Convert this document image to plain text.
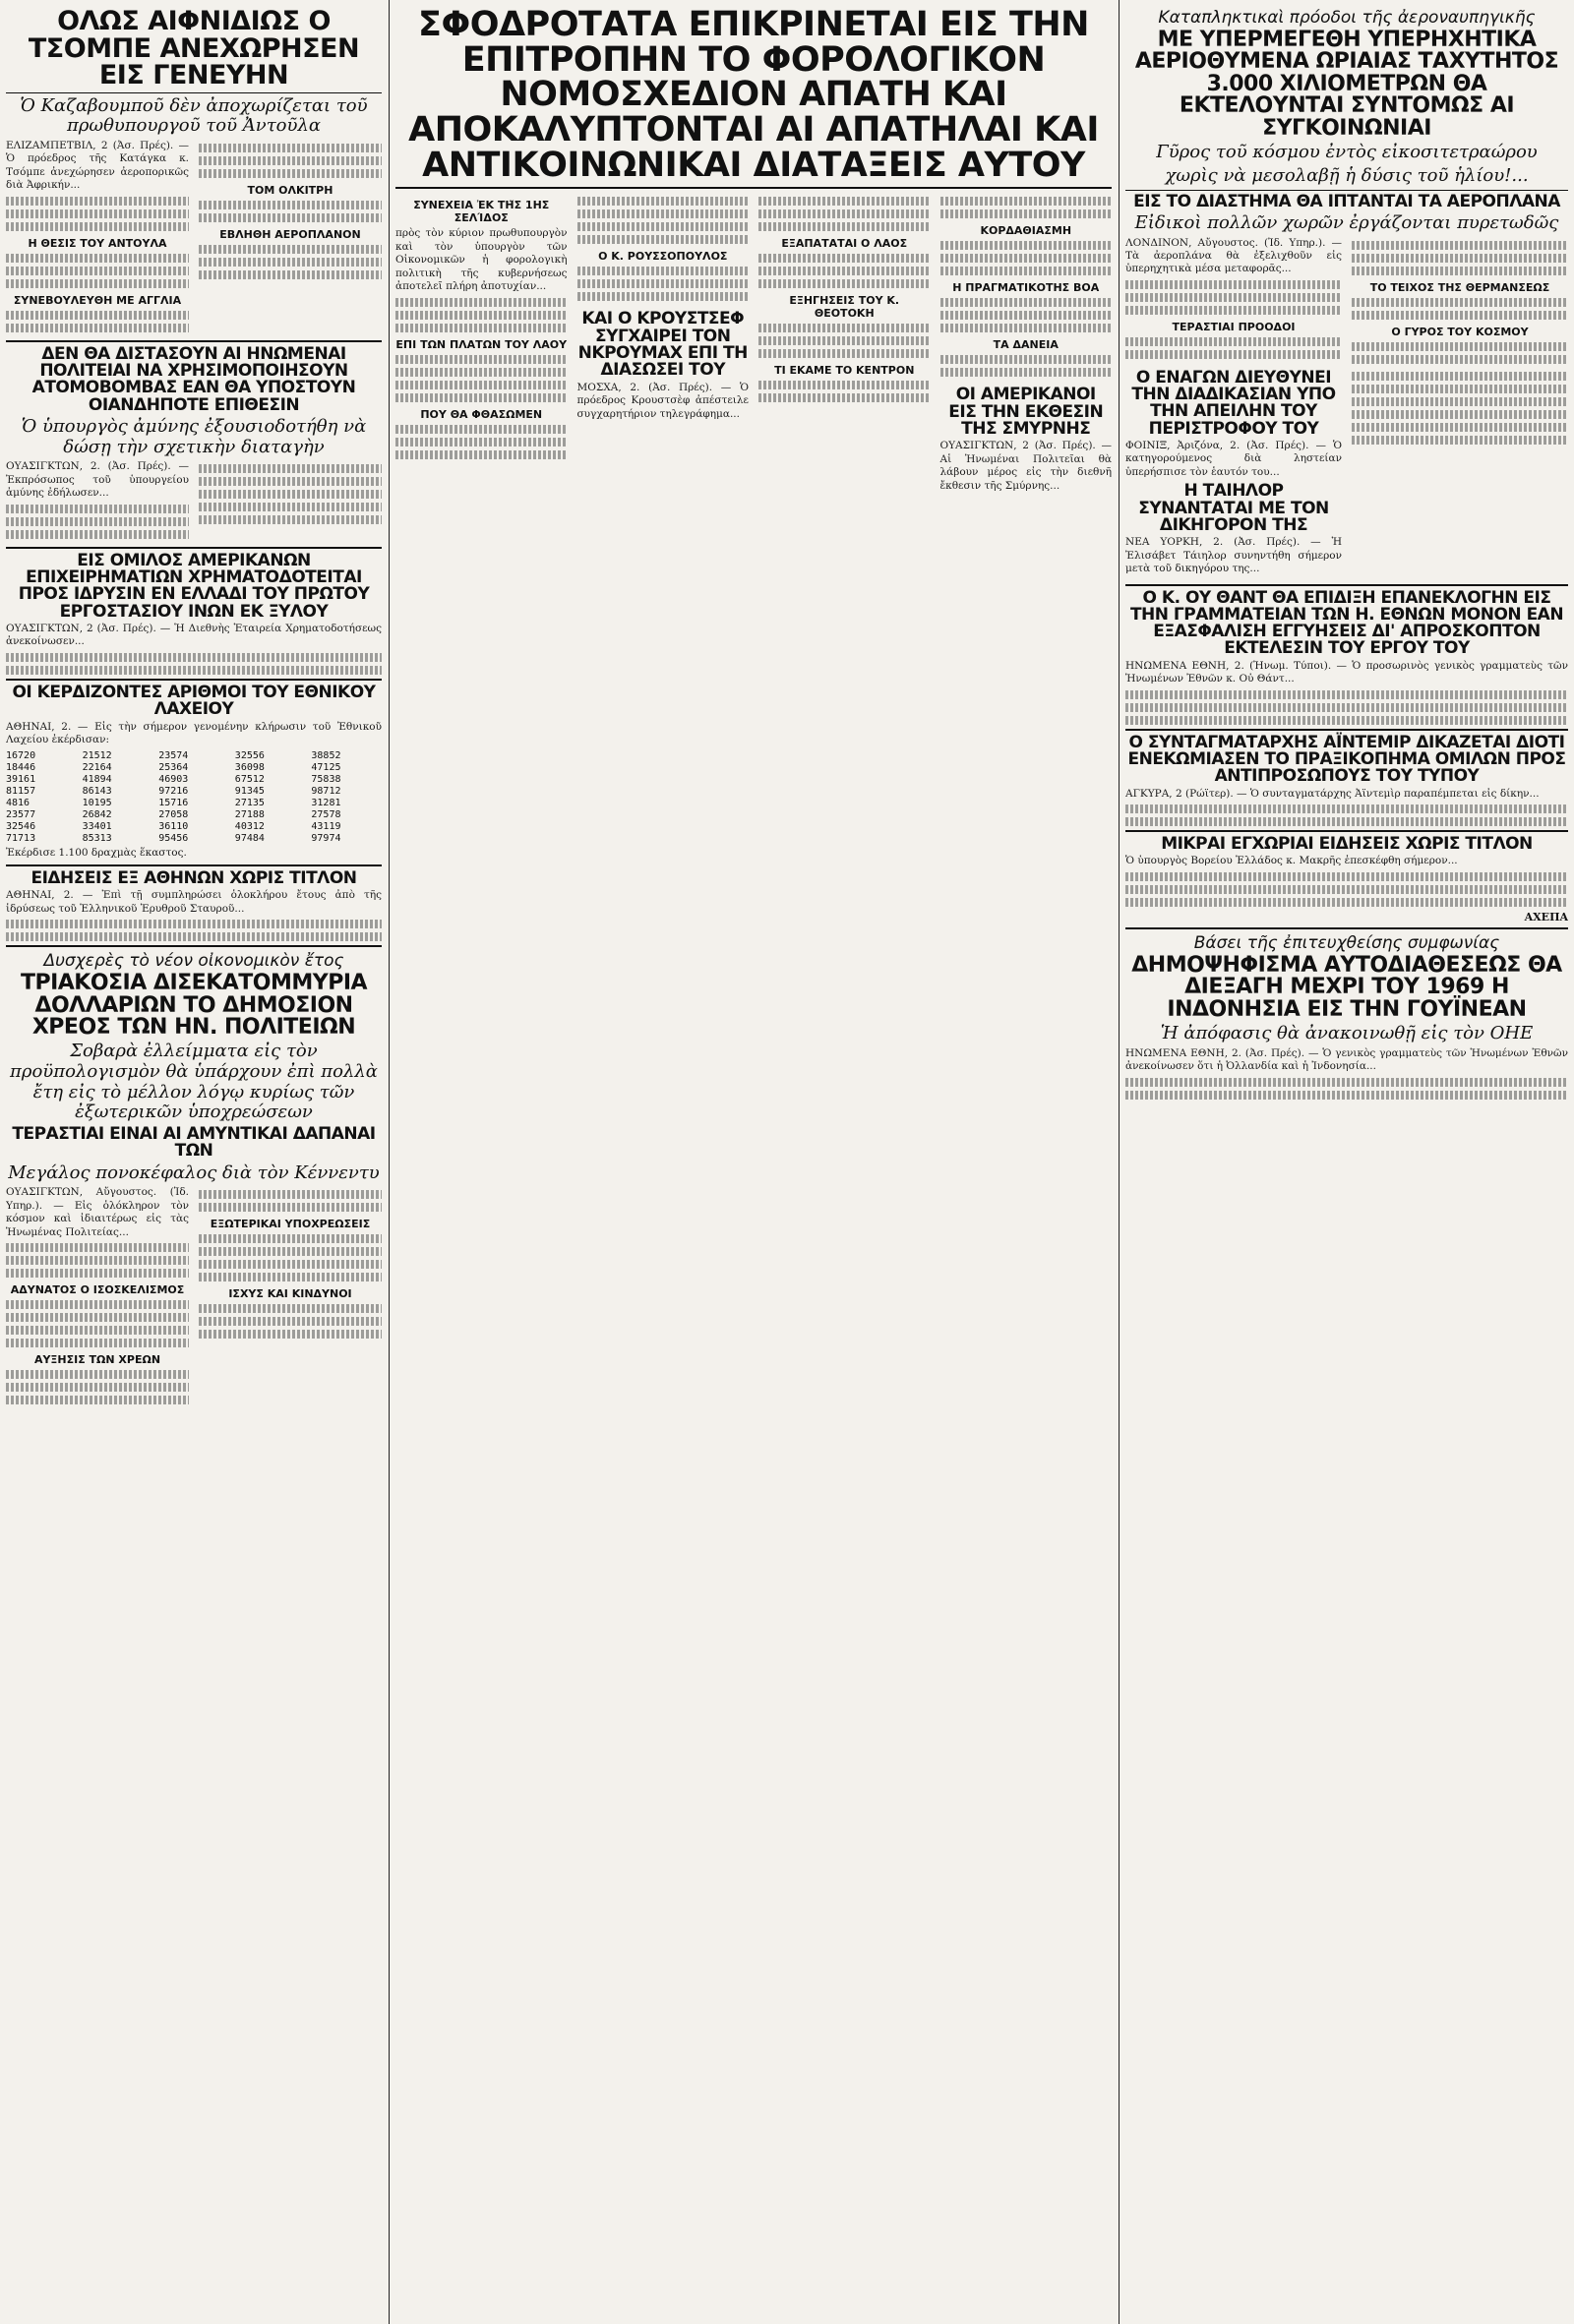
ΟΛΩΣ ΑΙΦΝΙΔΙΩΣ Ο ΤΣΟΜΠΕ ΑΝΕΧΩΡΗΣΕΝ ΕΙΣ ΓΕΝΕΥΗΝ
Ὁ Καζαβουμποῦ δὲν ἀποχωρίζεται τοῦ πρωθυπουργοῦ τοῦ Ἀντοῦλα

ΕΛΙΖΑΜΠΕΤΒΙΛ, 2 (Ἀσ. Πρές). — Ὁ πρόεδρος τῆς Κατάγκα κ. Τσόμπε ἀνεχώρησεν ἀεροπορικῶς διὰ Ἀφρικήν...

Η ΘΕΣΙΣ ΤΟΥ ΑΝΤΟΥΛΑ
ΣΥΝΕΒΟΥΛΕΥΘΗ ΜΕ ΑΓΓΛΙΑ
ΤΟΜ ΟΛΚΙΤΡΗ
ΕΒΛΗΘΗ ΑΕΡΟΠΛΑΝΟΝ
ΔΕΝ ΘΑ ΔΙΣΤΑΣΟΥΝ ΑΙ ΗΝΩΜΕΝΑΙ ΠΟΛΙΤΕΙΑΙ ΝΑ ΧΡΗΣΙΜΟΠΟΙΗΣΟΥΝ ΑΤΟΜΟΒΟΜΒΑΣ ΕΑΝ ΘΑ ΥΠΟΣΤΟΥΝ ΟΙΑΝΔΗΠΟΤΕ ΕΠΙΘΕΣΙΝ
Ὁ ὑπουργὸς ἀμύνης ἐξουσιοδοτήθη νὰ δώσῃ τὴν σχετικὴν διαταγὴν

ΟΥΑΣΙΓΚΤΩΝ, 2. (Ἀσ. Πρές). — Ἐκπρόσωπος τοῦ ὑπουργείου ἀμύνης ἐδήλωσεν...

ΕΙΣ ΟΜΙΛΟΣ ΑΜΕΡΙΚΑΝΩΝ ΕΠΙΧΕΙΡΗΜΑΤΙΩΝ ΧΡΗΜΑΤΟΔΟΤΕΙΤΑΙ ΠΡΟΣ ΙΔΡΥΣΙΝ ΕΝ ΕΛΛΑΔΙ ΤΟΥ ΠΡΩΤΟΥ ΕΡΓΟΣΤΑΣΙΟΥ ΙΝΩΝ ΕΚ ΞΥΛΟΥ

ΟΥΑΣΙΓΚΤΩΝ, 2 (Ἀσ. Πρές). — Ἡ Διεθνὴς Ἑταιρεία Χρηματοδοτήσεως ἀνεκοίνωσεν...

ΟΙ ΚΕΡΔΙΖΟΝΤΕΣ ΑΡΙΘΜΟΙ ΤΟΥ ΕΘΝΙΚΟΥ ΛΑΧΕΙΟΥ

ΑΘΗΝΑΙ, 2. — Εἰς τὴν σήμερον γενομένην κλήρωσιν τοῦ Ἐθνικοῦ Λαχείου ἐκέρδισαν:

16720	21512	23574	32556	38852
18446	22164	25364	36098	47125
39161	41894	46903	67512	75838
81157	86143	97216	91345	98712
4816	10195	15716	27135	31281
23577	26842	27058	27188	27578
32546	33401	36110	40312	43119
71713	85313	95456	97484	97974

Ἐκέρδισε 1.100 δραχμὰς ἕκαστος.

ΕΙΔΗΣΕΙΣ ΕΞ ΑΘΗΝΩΝ ΧΩΡΙΣ ΤΙΤΛΟΝ

ΑΘΗΝΑΙ, 2. — Ἐπὶ τῇ συμπληρώσει ὁλοκλήρου ἔτους ἀπὸ τῆς ἱδρύσεως τοῦ Ἑλληνικοῦ Ἐρυθροῦ Σταυροῦ...

Δυσχερὲς τὸ νέον οἰκονομικὸν ἔτος
ΤΡΙΑΚΟΣΙΑ ΔΙΣΕΚΑΤΟΜΜΥΡΙΑ ΔΟΛΛΑΡΙΩΝ ΤΟ ΔΗΜΟΣΙΟΝ ΧΡΕΟΣ ΤΩΝ ΗΝ. ΠΟΛΙΤΕΙΩΝ
Σοβαρὰ ἐλλείμματα εἰς τὸν προϋπολογισμὸν θὰ ὑπάρχουν ἐπὶ πολλὰ ἔτη εἰς τὸ μέλλον λόγῳ κυρίως τῶν ἐξωτερικῶν ὑποχρεώσεων
ΤΕΡΑΣΤΙΑΙ ΕΙΝΑΙ ΑΙ ΑΜΥΝΤΙΚΑΙ ΔΑΠΑΝΑΙ ΤΩΝ
Μεγάλος πονοκέφαλος διὰ τὸν Κέννεντυ

ΟΥΑΣΙΓΚΤΩΝ, Αὔγουστος. (Ἰδ. Υπηρ.). — Εἰς ὁλόκληρον τὸν κόσμον καὶ ἰδιαιτέρως εἰς τὰς Ἡνωμένας Πολιτείας...

ΑΔΥΝΑΤΟΣ Ο ΙΣΟΣΚΕΛΙΣΜΟΣ
ΑΥΞΗΣΙΣ ΤΩΝ ΧΡΕΩΝ
ΕΞΩΤΕΡΙΚΑΙ ΥΠΟΧΡΕΩΣΕΙΣ
ΙΣΧΥΣ ΚΑΙ ΚΙΝΔΥΝΟΙ
ΣΦΟΔΡΟΤΑΤΑ ΕΠΙΚΡΙΝΕΤΑΙ ΕΙΣ ΤΗΝ ΕΠΙΤΡΟΠΗΝ ΤΟ ΦΟΡΟΛΟΓΙΚΟΝ ΝΟΜΟΣΧΕΔΙΟΝ ΑΠΑΤΗ ΚΑΙ ΑΠΟΚΑΛΥΠΤΟΝΤΑΙ ΑΙ ΑΠΑΤΗΛΑΙ ΚΑΙ ΑΝΤΙΚΟΙΝΩΝΙΚΑΙ ΔΙΑΤΑΞΕΙΣ ΑΥΤΟΥ
ΣΥΝΕΧΕΙΑ ἘΚ ΤΗ͂Σ 1ΗΣ ΣΕΛΊΔΟΣ

πρὸς τὸν κύριον πρωθυπουργὸν καὶ τὸν ὑπουργὸν τῶν Οἰκονομικῶν ἡ φορολογικὴ πολιτικὴ τῆς κυβερνήσεως ἀποτελεῖ πλήρη ἀποτυχίαν...

ΕΠΙ ΤΩΝ ΠΛΑΤΩΝ ΤΟΥ ΛΑΟΥ
ΠΟΥ ΘΑ ΦΘΑΣΩΜΕΝ
Ο Κ. ΡΟΥΣΣΟΠΟΥΛΟΣ
ΚΑΙ Ο ΚΡΟΥΣΤΣΕΦ ΣΥΓΧΑΙΡΕΙ ΤΟΝ ΝΚΡΟΥΜΑΧ ΕΠΙ ΤΗ ΔΙΑΣΩΣΕΙ ΤΟΥ

ΜΟΣΧΑ, 2. (Ἀσ. Πρές). — Ὁ πρόεδρος Κρουστσὲφ ἀπέστειλε συγχαρητήριον τηλεγράφημα...

ΕΞΑΠΑΤΑΤΑΙ Ο ΛΑΟΣ
ΕΞΗΓΗΣΕΙΣ ΤΟΥ Κ. ΘΕΟΤΟΚΗ
ΤΙ ΕΚΑΜΕ ΤΟ ΚΕΝΤΡΟΝ
ΚΟΡΔΑΘΙΑΣΜΗ
Η ΠΡΑΓΜΑΤΙΚΟΤΗΣ ΒΟΑ
ΤΑ ΔΑΝΕΙΑ
ΟΙ ΑΜΕΡΙΚΑΝΟΙ ΕΙΣ ΤΗΝ ΕΚΘΕΣΙΝ ΤΗΣ ΣΜΥΡΝΗΣ

ΟΥΑΣΙΓΚΤΩΝ, 2 (Ἀσ. Πρές). — Αἱ Ἡνωμέναι Πολιτεῖαι θὰ λάβουν μέρος εἰς τὴν διεθνῆ ἔκθεσιν τῆς Σμύρνης...

Καταπληκτικαὶ πρόοδοι τῆς ἀεροναυπηγικῆς
ΜΕ ΥΠΕΡΜΕΓΕΘΗ ΥΠΕΡΗΧΗΤΙΚΑ ΑΕΡΙΟΘΥΜΕΝΑ ΩΡΙΑΙΑΣ ΤΑΧΥΤΗΤΟΣ 3.000 ΧΙΛΙΟΜΕΤΡΩΝ ΘΑ ΕΚΤΕΛΟΥΝΤΑΙ ΣΥΝΤΟΜΩΣ ΑΙ ΣΥΓΚΟΙΝΩΝΙΑΙ
Γῦρος τοῦ κόσμου ἐντὸς εἰκοσιτετραώρου
χωρὶς νὰ μεσολαβῇ ἡ δύσις τοῦ ἡλίου!...
ΕΙΣ ΤΟ ΔΙΑΣΤΗΜΑ ΘΑ ΙΠΤΑΝΤΑΙ ΤΑ ΑΕΡΟΠΛΑΝΑ
Εἰδικοὶ πολλῶν χωρῶν ἐργάζονται πυρετωδῶς

ΛΟΝΔΙΝΟΝ, Αὔγουστος. (Ἰδ. Υπηρ.). — Τὰ ἀεροπλάνα θὰ ἐξελιχθοῦν εἰς ὑπερηχητικὰ μέσα μεταφορᾶς...

ΤΕΡΑΣΤΙΑΙ ΠΡΟΟΔΟΙ
ΤΟ ΤΕΙΧΟΣ ΤΗΣ ΘΕΡΜΑΝΣΕΩΣ
Ο ΓΥΡΟΣ ΤΟΥ ΚΟΣΜΟΥ
Ο ΕΝΑΓΩΝ ΔΙΕΥΘΥΝΕΙ ΤΗΝ ΔΙΑΔΙΚΑΣΙΑΝ ΥΠΟ ΤΗΝ ΑΠΕΙΛΗΝ ΤΟΥ ΠΕΡΙΣΤΡΟΦΟΥ ΤΟΥ

ΦΟΙΝΙΞ, Ἀριζόνα, 2. (Ἀσ. Πρές). — Ὁ κατηγορούμενος διὰ ληστείαν ὑπερήσπισε τὸν ἑαυτόν του...

Η ΤΑΙΗΛΟΡ ΣΥΝΑΝΤΑΤΑΙ ΜΕ ΤΟΝ ΔΙΚΗΓΟΡΟΝ ΤΗΣ

ΝΕΑ ΥΟΡΚΗ, 2. (Ἀσ. Πρές). — Ἡ Ἐλισάβετ Τάιηλορ συνηντήθη σήμερον μετὰ τοῦ δικηγόρου της...

Ο Κ. ΟΥ ΘΑΝΤ ΘΑ ΕΠΙΔΙΞΗ ΕΠΑΝΕΚΛΟΓΗΝ ΕΙΣ ΤΗΝ ΓΡΑΜΜΑΤΕΙΑΝ ΤΩΝ Η. ΕΘΝΩΝ ΜΟΝΟΝ ΕΑΝ ΕΞΑΣΦΑΛΙΣΗ ΕΓΓΥΗΣΕΙΣ ΔΙ' ΑΠΡΟΣΚΟΠΤΟΝ ΕΚΤΕΛΕΣΙΝ ΤΟΥ ΕΡΓΟΥ ΤΟΥ

ΗΝΩΜΕΝΑ ΕΘΝΗ, 2. (Ἠνωμ. Τύποι). — Ὁ προσωρινὸς γενικὸς γραμματεὺς τῶν Ἡνωμένων Ἐθνῶν κ. Οὐ Θάντ...

Ο ΣΥΝΤΑΓΜΑΤΑΡΧΗΣ ΑΪΝΤΕΜΙΡ ΔΙΚΑΖΕΤΑΙ ΔΙΟΤΙ ΕΝΕΚΩΜΙΑΣΕΝ ΤΟ ΠΡΑΞΙΚΟΠΗΜΑ ΟΜΙΛΩΝ ΠΡΟΣ ΑΝΤΙΠΡΟΣΩΠΟΥΣ ΤΟΥ ΤΥΠΟΥ

ΑΓΚΥΡΑ, 2 (Ρώϊτερ). — Ὁ συνταγματάρχης Ἀϊντεμὶρ παραπέμπεται εἰς δίκην...

ΜΙΚΡΑΙ ΕΓΧΩΡΙΑΙ ΕΙΔΗΣΕΙΣ ΧΩΡΙΣ ΤΙΤΛΟΝ

Ὁ ὑπουργὸς Βορείου Ἑλλάδος κ. Μακρῆς ἐπεσκέφθη σήμερον...

ΑΧΕΠΑ
Βάσει τῆς ἐπιτευχθείσης συμφωνίας
ΔΗΜΟΨΗΦΙΣΜΑ ΑΥΤΟΔΙΑΘΕΣΕΩΣ ΘΑ ΔΙΕΞΑΓΗ ΜΕΧΡΙ ΤΟΥ 1969 Η ΙΝΔΟΝΗΣΙΑ ΕΙΣ ΤΗΝ ΓΟΥΪΝΕΑΝ
Ἡ ἀπόφασις θὰ ἀνακοινωθῇ εἰς τὸν ΟΗΕ

ΗΝΩΜΕΝΑ ΕΘΝΗ, 2. (Ἀσ. Πρές). — Ὁ γενικὸς γραμματεὺς τῶν Ἡνωμένων Ἐθνῶν ἀνεκοίνωσεν ὅτι ἡ Ὀλλανδία καὶ ἡ Ἰνδονησία...
